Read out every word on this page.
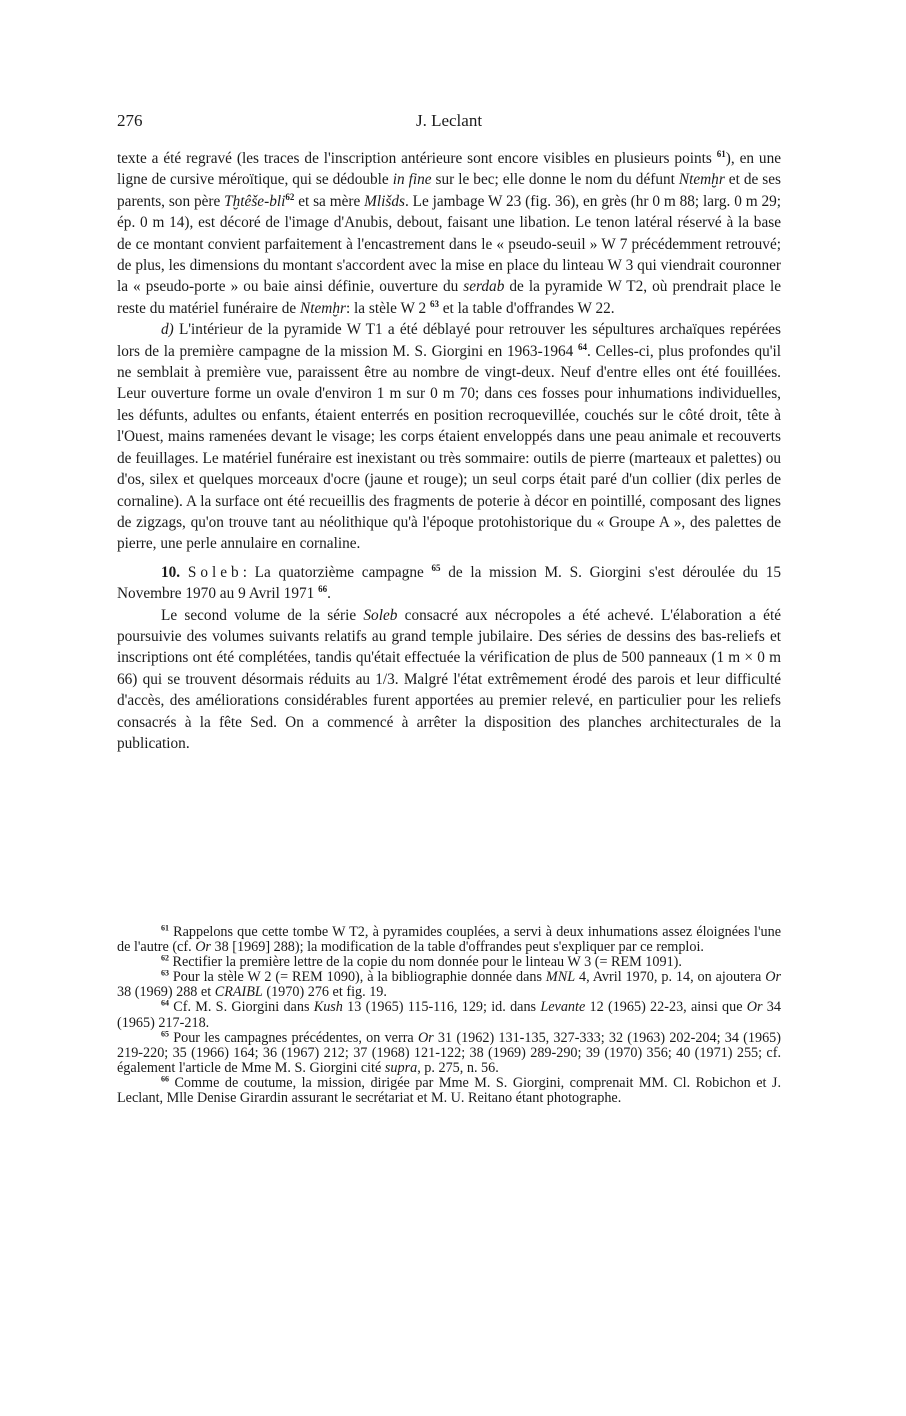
276	J. Leclant

texte a été regravé (les traces de l'inscription antérieure sont encore visibles en plusieurs points $^{61}$), en une ligne de cursive méroïtique, qui se dédouble in fine sur le bec; elle donne le nom du défunt Ntemḫr et de ses parents, son père Tḫtêše-bli$^{62}$ et sa mère Mlišds. Le jambage W 23 (fig. 36), en grès (hr 0 m 88; larg. 0 m 29; ép. 0 m 14), est décoré de l'image d'Anubis, debout, faisant une libation. Le tenon latéral réservé à la base de ce montant convient parfaitement à l'encastrement dans le « pseudo-seuil » W 7 précédemment retrouvé; de plus, les dimensions du montant s'accordent avec la mise en place du linteau W 3 qui viendrait couronner la « pseudo-porte » ou baie ainsi définie, ouverture du serdab de la pyramide W T2, où prendrait place le reste du matériel funéraire de Ntemḫr: la stèle W 2 $^{63}$ et la table d'offrandes W 22.

d) L'intérieur de la pyramide W T1 a été déblayé pour retrouver les sépultures archaïques repérées lors de la première campagne de la mission M. S. Giorgini en 1963-1964 $^{64}$. Celles-ci, plus profondes qu'il ne semblait à première vue, paraissent être au nombre de vingt-deux. Neuf d'entre elles ont été fouillées. Leur ouverture forme un ovale d'environ 1 m sur 0 m 70; dans ces fosses pour inhumations individuelles, les défunts, adultes ou enfants, étaient enterrés en position recroquevillée, couchés sur le côté droit, tête à l'Ouest, mains ramenées devant le visage; les corps étaient enveloppés dans une peau animale et recouverts de feuillages. Le matériel funéraire est inexistant ou très sommaire: outils de pierre (marteaux et palettes) ou d'os, silex et quelques morceaux d'ocre (jaune et rouge); un seul corps était paré d'un collier (dix perles de cornaline). A la surface ont été recueillis des fragments de poterie à décor en pointillé, composant des lignes de zigzags, qu'on trouve tant au néolithique qu'à l'époque protohistorique du « Groupe A », des palettes de pierre, une perle annulaire en cornaline.

10. Soleb: La quatorzième campagne $^{65}$ de la mission M. S. Giorgini s'est déroulée du 15 Novembre 1970 au 9 Avril 1971 $^{66}$.

Le second volume de la série Soleb consacré aux nécropoles a été achevé. L'élaboration a été poursuivie des volumes suivants relatifs au grand temple jubilaire. Des séries de dessins des bas-reliefs et inscriptions ont été complétées, tandis qu'était effectuée la vérification de plus de 500 panneaux (1 m × 0 m 66) qui se trouvent désormais réduits au 1/3. Malgré l'état extrêmement érodé des parois et leur difficulté d'accès, des améliorations considérables furent apportées au premier relevé, en particulier pour les reliefs consacrés à la fête Sed. On a commencé à arrêter la disposition des planches architecturales de la publication.

$^{61}$ Rappelons que cette tombe W T2, à pyramides couplées, a servi à deux inhumations assez éloignées l'une de l'autre (cf. Or 38 [1969] 288); la modification de la table d'offrandes peut s'expliquer par ce remploi.

$^{62}$ Rectifier la première lettre de la copie du nom donnée pour le linteau W 3 (= REM 1091).

$^{63}$ Pour la stèle W 2 (= REM 1090), à la bibliographie donnée dans MNL 4, Avril 1970, p. 14, on ajoutera Or 38 (1969) 288 et CRAIBL (1970) 276 et fig. 19.

$^{64}$ Cf. M. S. Giorgini dans Kush 13 (1965) 115-116, 129; id. dans Levante 12 (1965) 22-23, ainsi que Or 34 (1965) 217-218.

$^{65}$ Pour les campagnes précédentes, on verra Or 31 (1962) 131-135, 327-333; 32 (1963) 202-204; 34 (1965) 219-220; 35 (1966) 164; 36 (1967) 212; 37 (1968) 121-122; 38 (1969) 289-290; 39 (1970) 356; 40 (1971) 255; cf. également l'article de Mme M. S. Giorgini cité supra, p. 275, n. 56.

$^{66}$ Comme de coutume, la mission, dirigée par Mme M. S. Giorgini, comprenait MM. Cl. Robichon et J. Leclant, Mlle Denise Girardin assurant le secrétariat et M. U. Reitano étant photographe.
